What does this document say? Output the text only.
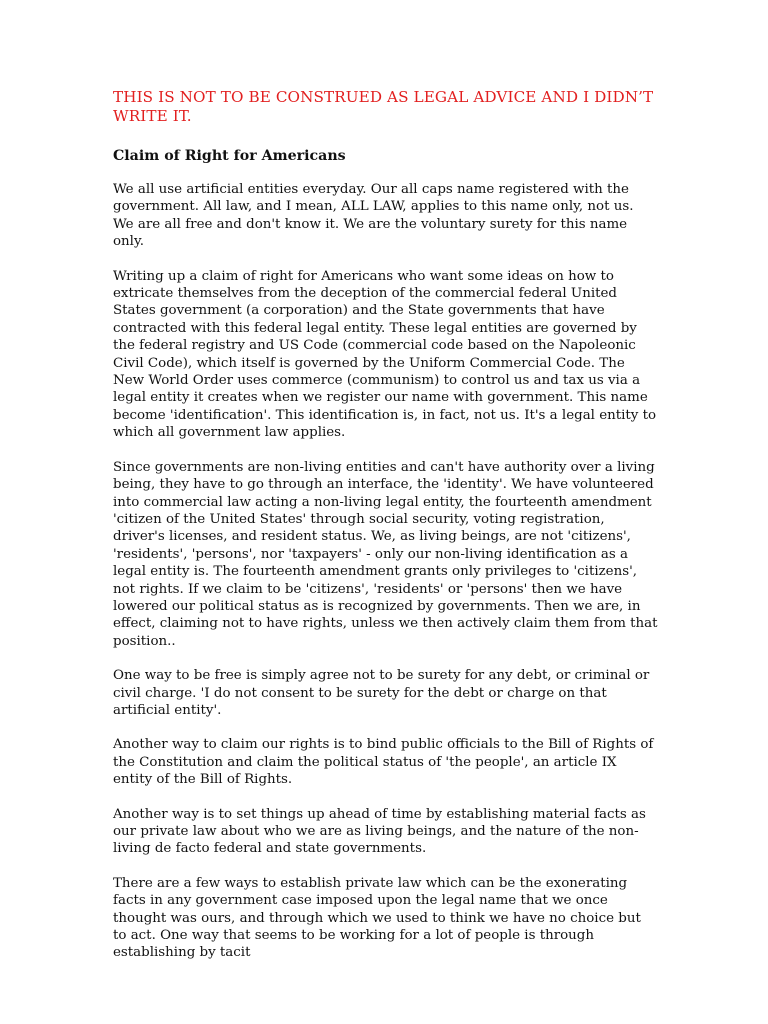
THIS IS NOT TO BE CONSTRUED AS LEGAL ADVICE AND I DIDN’T WRITE IT.
Claim of Right for Americans

We all use artificial entities everyday. Our all caps name registered with the government. All law, and I mean, ALL LAW, applies to this name only, not us. We are all free and don't know it. We are the voluntary surety for this name only.

Writing up a claim of right for Americans who want some ideas on how to extricate themselves from the deception of the commercial federal United States government (a corporation) and the State governments that have contracted with this federal legal entity. These legal entities are governed by the federal registry and US Code (commercial code based on the Napoleonic Civil Code), which itself is governed by the Uniform Commercial Code. The New World Order uses commerce (communism) to control us and tax us via a legal entity it creates when we register our name with government. This name become 'identification'. This identification is, in fact, not us. It's a legal entity to which all government law applies.

Since governments are non-living entities and can't have authority over a living being, they have to go through an interface, the 'identity'. We have volunteered into commercial law acting a non-living legal entity, the fourteenth amendment 'citizen of the United States' through social security, voting registration, driver's licenses, and resident status. We, as living beings, are not 'citizens', 'residents', 'persons', nor 'taxpayers' - only our non-living identification as a legal entity is. The fourteenth amendment grants only privileges to 'citizens', not rights. If we claim to be 'citizens', 'residents' or 'persons' then we have lowered our political status as is recognized by governments. Then we are, in effect, claiming not to have rights, unless we then actively claim them from that position..

One way to be free is simply agree not to be surety for any debt, or criminal or civil charge. 'I do not consent to be surety for the debt or charge on that artificial entity'.

Another way to claim our rights is to bind public officials to the Bill of Rights of the Constitution and claim the political status of 'the people', an article IX entity of the Bill of Rights.

Another way is to set things up ahead of time by establishing material facts as our private law about who we are as living beings, and the nature of the non-living de facto federal and state governments.

There are a few ways to establish private law which can be the exonerating facts in any government case imposed upon the legal name that we once thought was ours, and through which we used to think we have no choice but to act. One way that seems to be working for a lot of people is through establishing by tacit
